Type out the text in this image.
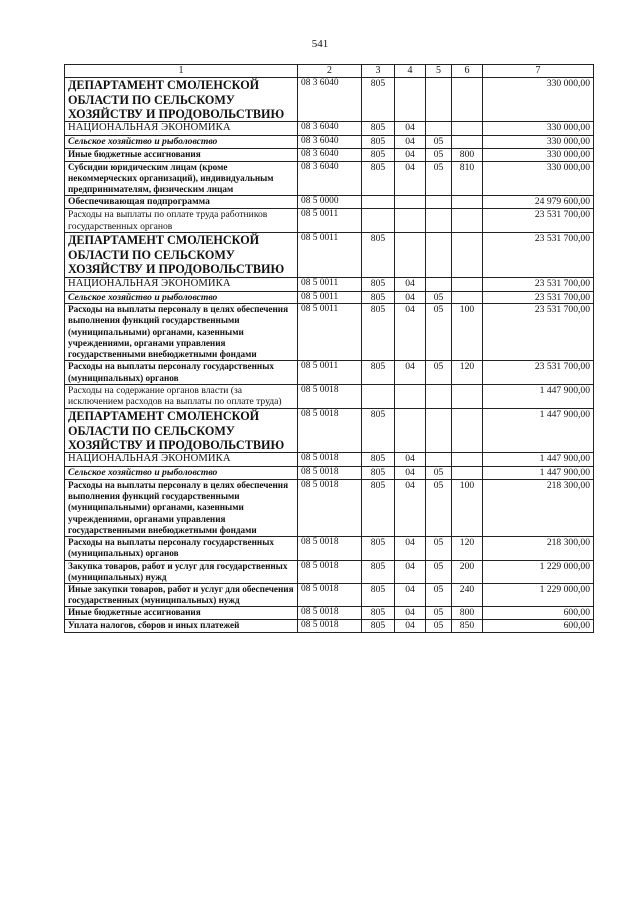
541
1	2	3	4	5	6	7
ДЕПАРТАМЕНТ СМОЛЕНСКОЙ ОБЛАСТИ ПО СЕЛЬСКОМУ ХОЗЯЙСТВУ И ПРОДОВОЛЬСТВИЮ	08 3 6040	805				330 000,00
НАЦИОНАЛЬНАЯ ЭКОНОМИКА	08 3 6040	805	04			330 000,00
Сельское хозяйство и рыболовство	08 3 6040	805	04	05		330 000,00
Иные бюджетные ассигнования	08 3 6040	805	04	05	800	330 000,00
Субсидии юридическим лицам (кроме некоммерческих организаций), индивидуальным предпринимателям, физическим лицам	08 3 6040	805	04	05	810	330 000,00
Обеспечивающая подпрограмма	08 5 0000					24 979 600,00
Расходы на выплаты по оплате труда работников государственных органов	08 5 0011					23 531 700,00
ДЕПАРТАМЕНТ СМОЛЕНСКОЙ ОБЛАСТИ ПО СЕЛЬСКОМУ ХОЗЯЙСТВУ И ПРОДОВОЛЬСТВИЮ	08 5 0011	805				23 531 700,00
НАЦИОНАЛЬНАЯ ЭКОНОМИКА	08 5 0011	805	04			23 531 700,00
Сельское хозяйство и рыболовство	08 5 0011	805	04	05		23 531 700,00
Расходы на выплаты персоналу в целях обеспечения выполнения функций государственными (муниципальными) органами, казенными учреждениями, органами управления государственными внебюджетными фондами	08 5 0011	805	04	05	100	23 531 700,00
Расходы на выплаты персоналу государственных (муниципальных) органов	08 5 0011	805	04	05	120	23 531 700,00
Расходы на содержание органов власти (за исключением расходов на выплаты по оплате труда)	08 5 0018					1 447 900,00
ДЕПАРТАМЕНТ СМОЛЕНСКОЙ ОБЛАСТИ ПО СЕЛЬСКОМУ ХОЗЯЙСТВУ И ПРОДОВОЛЬСТВИЮ	08 5 0018	805				1 447 900,00
НАЦИОНАЛЬНАЯ ЭКОНОМИКА	08 5 0018	805	04			1 447 900,00
Сельское хозяйство и рыболовство	08 5 0018	805	04	05		1 447 900,00
Расходы на выплаты персоналу в целях обеспечения выполнения функций государственными (муниципальными) органами, казенными учреждениями, органами управления государственными внебюджетными фондами	08 5 0018	805	04	05	100	218 300,00
Расходы на выплаты персоналу государственных (муниципальных) органов	08 5 0018	805	04	05	120	218 300,00
Закупка товаров, работ и услуг для государственных (муниципальных) нужд	08 5 0018	805	04	05	200	1 229 000,00
Иные закупки товаров, работ и услуг для обеспечения государственных (муниципальных) нужд	08 5 0018	805	04	05	240	1 229 000,00
Иные бюджетные ассигнования	08 5 0018	805	04	05	800	600,00
Уплата налогов, сборов и иных платежей	08 5 0018	805	04	05	850	600,00
